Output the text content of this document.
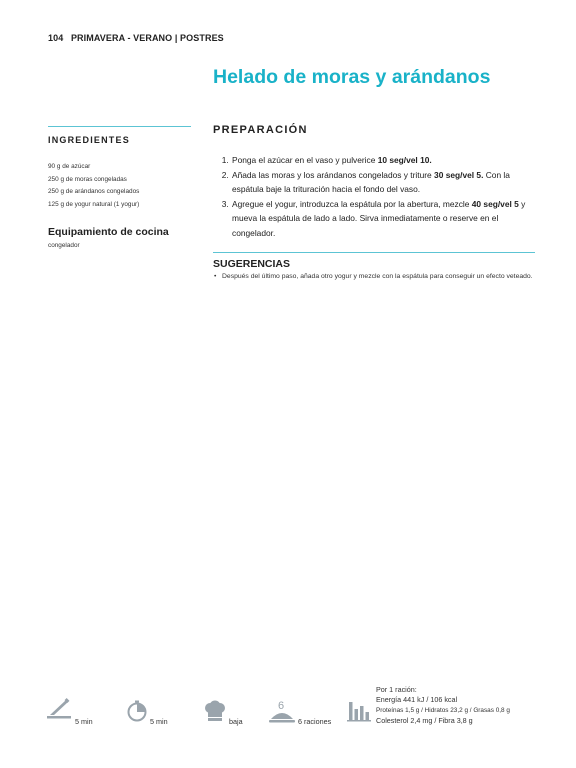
104 PRIMAVERA - VERANO | POSTRES
Helado de moras y arándanos
INGREDIENTES
90 g de azúcar
250 g de moras congeladas
250 g de arándanos congelados
125 g de yogur natural (1 yogur)
Equipamiento de cocina
congelador
PREPARACIÓN
1. Ponga el azúcar en el vaso y pulverice 10 seg/vel 10.
2. Añada las moras y los arándanos congelados y triture 30 seg/vel 5. Con la espátula baje la trituración hacia el fondo del vaso.
3. Agregue el yogur, introduzca la espátula por la abertura, mezcle 40 seg/vel 5 y mueva la espátula de lado a lado. Sirva inmediatamente o reserve en el congelador.
SUGERENCIAS
• Después del último paso, añada otro yogur y mezcle con la espátula para conseguir un efecto veteado.
5 min	5 min	baja
6
6 raciones
Por 1 ración:
Energía 441 kJ / 106 kcal
Proteínas 1,5 g / Hidratos 23,2 g / Grasas 0,8 g
Colesterol 2,4 mg / Fibra 3,8 g
